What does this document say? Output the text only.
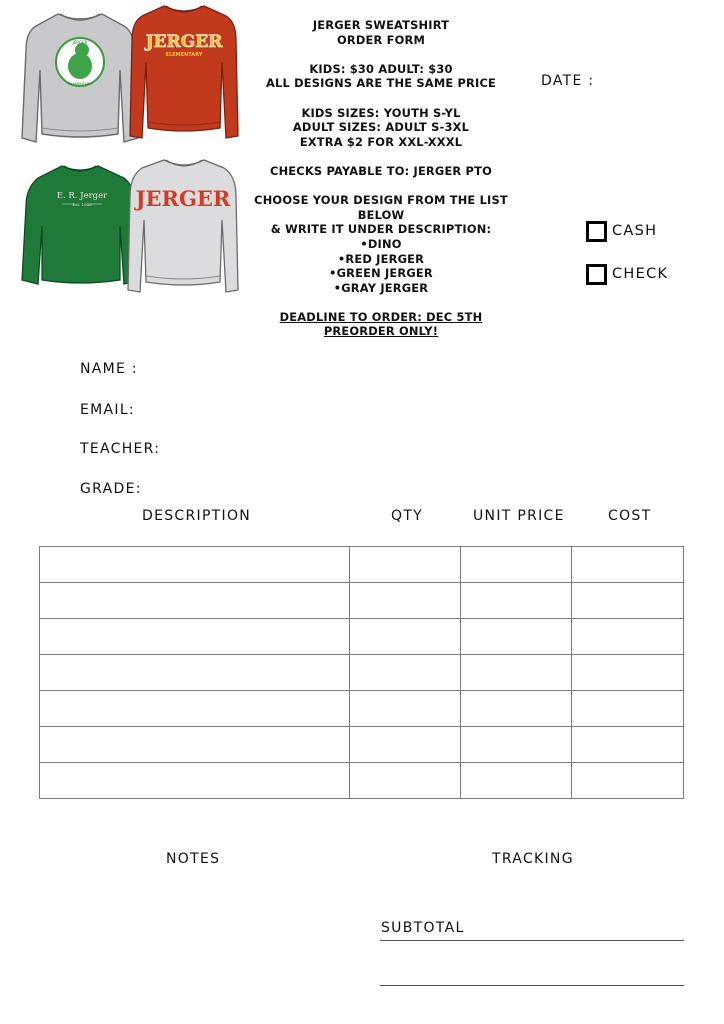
JERGER
ELEMENTARY
JERGER
ELEMENTARY
E. R. Jerger
Est. 1946 JERGER
JERGER SWEATSHIRT
ORDER FORM
KIDS: $30 ADULT: $30
ALL DESIGNS ARE THE SAME PRICE
KIDS SIZES: YOUTH S-YL
ADULT SIZES: ADULT S-3XL
EXTRA $2 FOR XXL-XXXL
CHECKS PAYABLE TO: JERGER PTO
CHOOSE YOUR DESIGN FROM THE LIST BELOW
& WRITE IT UNDER DESCRIPTION:
•DINO
•RED JERGER
•GREEN JERGER
•GRAY JERGER
DEADLINE TO ORDER: DEC 5TH
PREORDER ONLY!
DATE :
CASH
CHECK
NAME :
EMAIL:
TEACHER:
GRADE:
DESCRIPTION	QTY	UNIT PRICE	COST

NOTES	TRACKING
SUBTOTAL
